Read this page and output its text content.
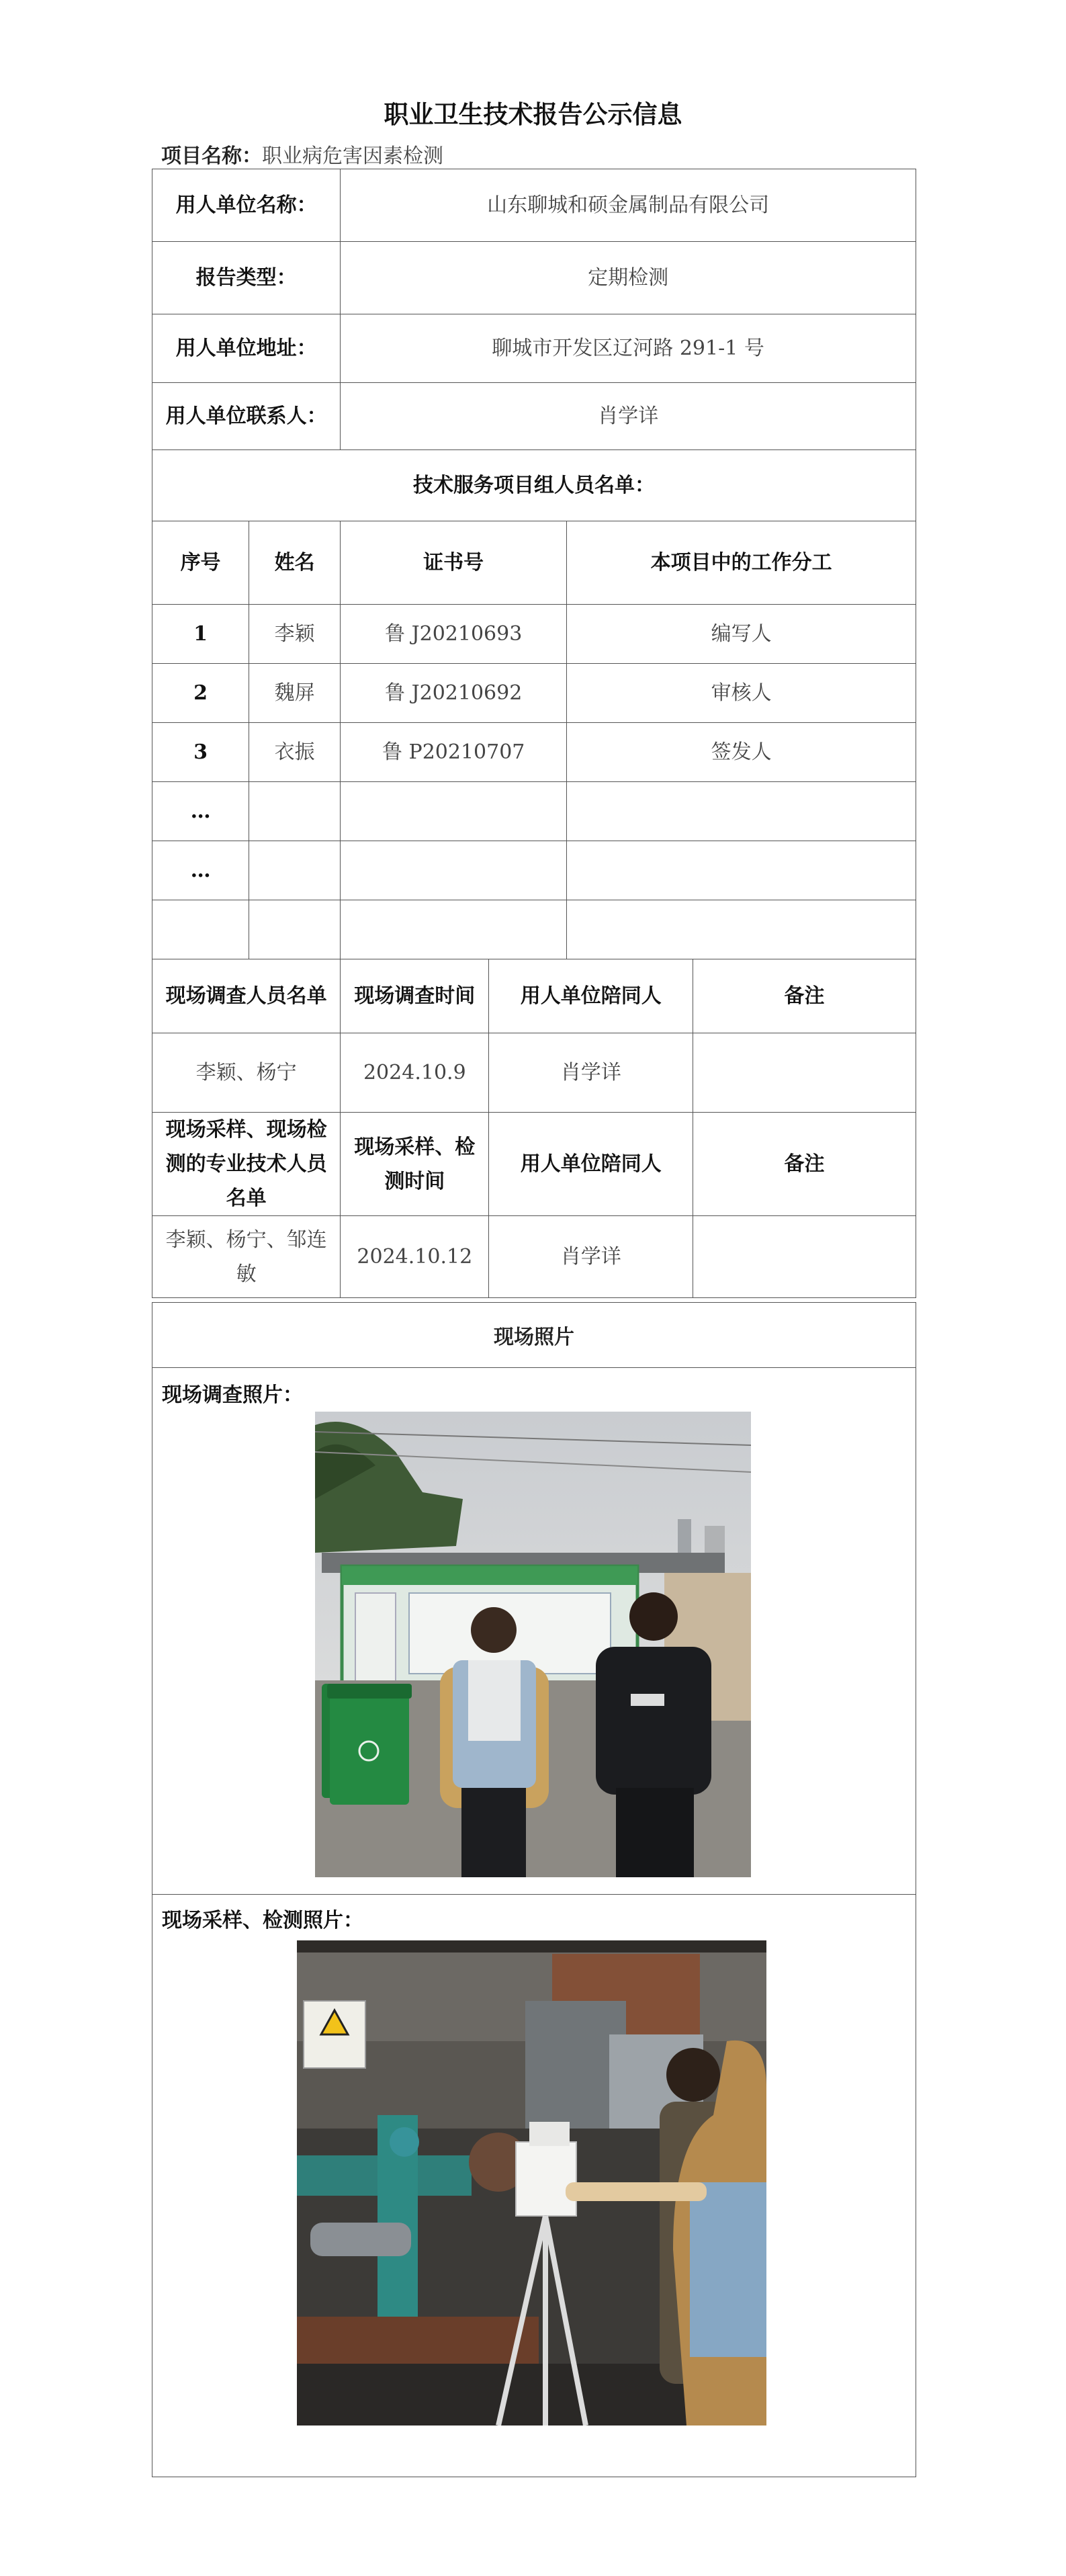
职业卫生技术报告公示信息
项目名称：职业病危害因素检测
用人单位名称：		山东聊城和硕金属制品有限公司			
报告类型：		定期检测			
用人单位地址：		聊城市开发区辽河路 291-1 号			
用人单位联系人：		肖学详			
技术服务项目组人员名单：					
序号	姓名	证书号		本项目中的工作分工	
1	李颖	鲁 J20210693		编写人	
2	魏屏	鲁 J20210692		审核人	
3	衣振	鲁 P20210707		签发人	
…					
…					

现场调查人员名单		现场调查时间	用人单位陪同人		备注
李颖、杨宁		2024.10.9	肖学详		
现场采样、现场检测的专业技术人员名单		现场采样、检测时间	用人单位陪同人		备注
李颖、杨宁、邹连敏		2024.10.12	肖学详		
现场照片
现场调查照片：
现场采样、检测照片：
